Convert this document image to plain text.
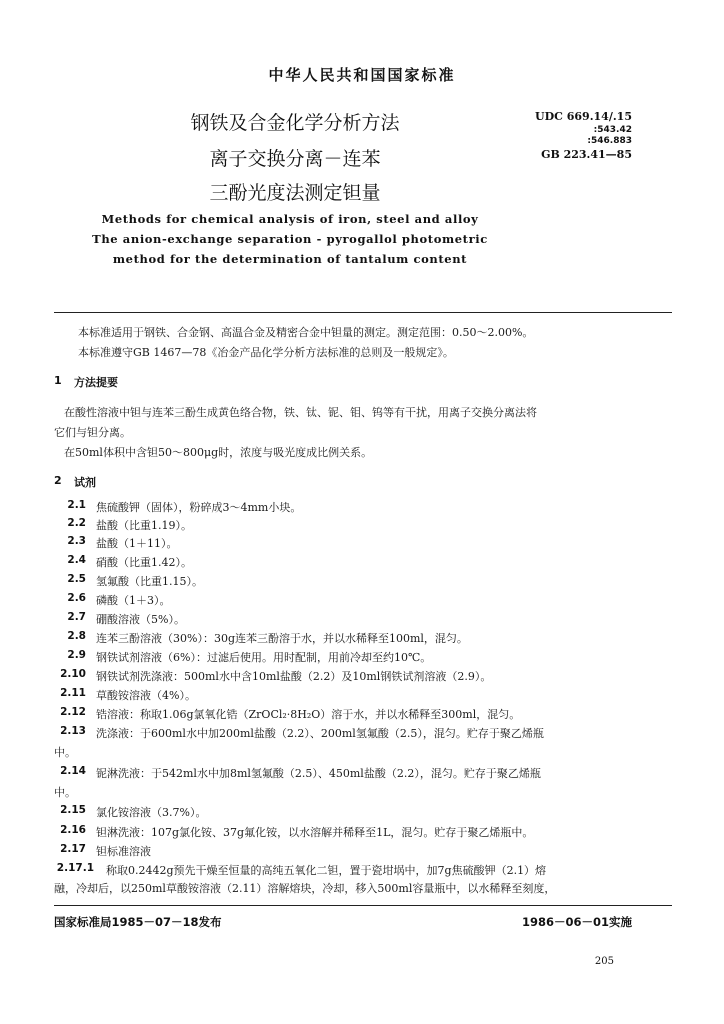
中华人民共和国国家标准
钢铁及合金化学分析方法
离子交换分离－连苯
三酚光度法测定钽量
UDC 669.14/.15
:543.42
:546.883
GB 223.41—85
Methods for chemical analysis of iron, steel and alloy
The anion-exchange separation - pyrogallol photometric
method for the determination of tantalum content
本标准适用于钢铁、合金钢、高温合金及精密合金中钽量的测定。测定范围：0.50～2.00%。
本标准遵守GB 1467—78《冶金产品化学分析方法标准的总则及一般规定》。
1 方法提要
在酸性溶液中钽与连苯三酚生成黄色络合物，铁、钛、铌、钼、钨等有干扰，用离子交换分离法将
它们与钽分离。
在50ml体积中含钽50～800μg时，浓度与吸光度成比例关系。
2 试剂
2.1 焦硫酸钾（固体），粉碎成3～4mm小块。
2.2 盐酸（比重1.19）。
2.3 盐酸（1＋11）。
2.4 硝酸（比重1.42）。
2.5 氢氟酸（比重1.15）。
2.6 磷酸（1＋3）。
2.7 硼酸溶液（5%）。
2.8 连苯三酚溶液（30%）：30g连苯三酚溶于水，并以水稀释至100ml，混匀。
2.9 钢铁试剂溶液（6%）：过滤后使用。用时配制，用前冷却至约10℃。
2.10 钢铁试剂洗涤液：500ml水中含10ml盐酸（2.2）及10ml钢铁试剂溶液（2.9）。
2.11 草酸铵溶液（4%）。
2.12 锆溶液：称取1.06g氯氧化锆（ZrOCl₂·8H₂O）溶于水，并以水稀释至300ml，混匀。
2.13 洗涤液：于600ml水中加200ml盐酸（2.2）、200ml氢氟酸（2.5），混匀。贮存于聚乙烯瓶
中。
2.14 铌淋洗液：于542ml水中加8ml氢氟酸（2.5）、450ml盐酸（2.2），混匀。贮存于聚乙烯瓶
中。
2.15 氯化铵溶液（3.7%）。
2.16 钽淋洗液：107g氯化铵、37g氟化铵，以水溶解并稀释至1L，混匀。贮存于聚乙烯瓶中。
2.17 钽标准溶液
2.17.1 称取0.2442g预先干燥至恒量的高纯五氧化二钽，置于瓷坩埚中，加7g焦硫酸钾（2.1）熔
融，冷却后，以250ml草酸铵溶液（2.11）溶解熔块，冷却，移入500ml容量瓶中，以水稀释至刻度，
国家标准局1985－07－18发布	1986－06－01实施
205
